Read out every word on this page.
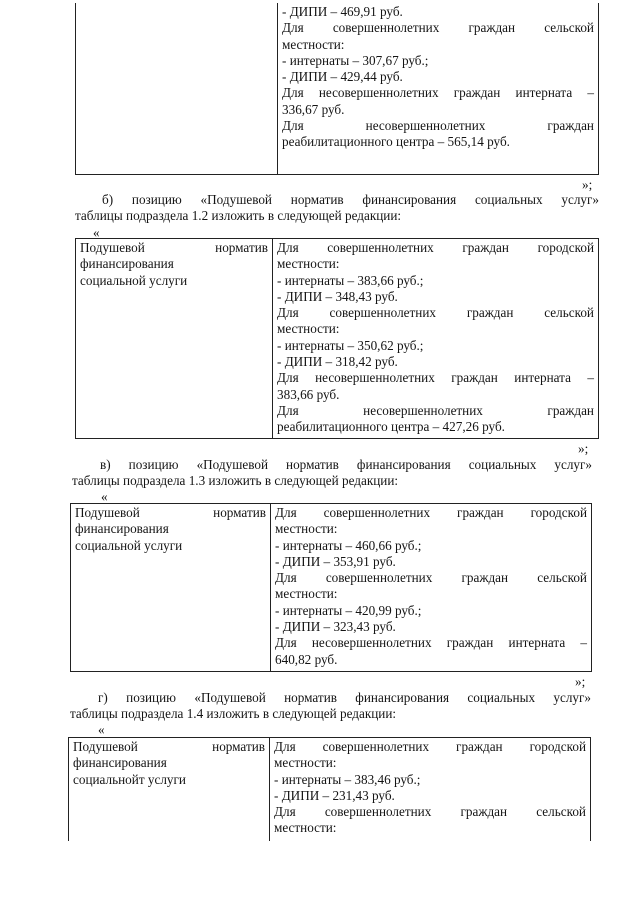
- ДИПИ – 469,91 руб.
Для совершеннолетних граждан сельской
местности:
- интернаты – 307,67 руб.;
- ДИПИ – 429,44 руб.
Для несовершеннолетних граждан интерната –
336,67 руб.
Для несовершеннолетних граждан
реабилитационного центра – 565,14 руб.
»;
б) позицию «Подушевой норматив финансирования социальных услуг»
таблицы подраздела 1.2 изложить в следующей редакции:
«
Подушевой норматив
финансирования
социальной услуги
Для совершеннолетних граждан городской
местности:
- интернаты – 383,66 руб.;
- ДИПИ – 348,43 руб.
Для совершеннолетних граждан сельской
местности:
- интернаты – 350,62 руб.;
- ДИПИ – 318,42 руб.
Для несовершеннолетних граждан интерната –
383,66 руб.
Для несовершеннолетних граждан
реабилитационного центра – 427,26 руб.
»;
в) позицию «Подушевой норматив финансирования социальных услуг»
таблицы подраздела 1.3 изложить в следующей редакции:
«
Подушевой норматив
финансирования
социальной услуги
Для совершеннолетних граждан городской
местности:
- интернаты – 460,66 руб.;
- ДИПИ – 353,91 руб.
Для совершеннолетних граждан сельской
местности:
- интернаты – 420,99 руб.;
- ДИПИ – 323,43 руб.
Для несовершеннолетних граждан интерната –
640,82 руб.
»;
г) позицию «Подушевой норматив финансирования социальных услуг»
таблицы подраздела 1.4 изложить в следующей редакции:
«
Подушевой норматив
финансирования
социальнойт услуги
Для совершеннолетних граждан городской
местности:
- интернаты – 383,46 руб.;
- ДИПИ – 231,43 руб.
Для совершеннолетних граждан сельской
местности:
